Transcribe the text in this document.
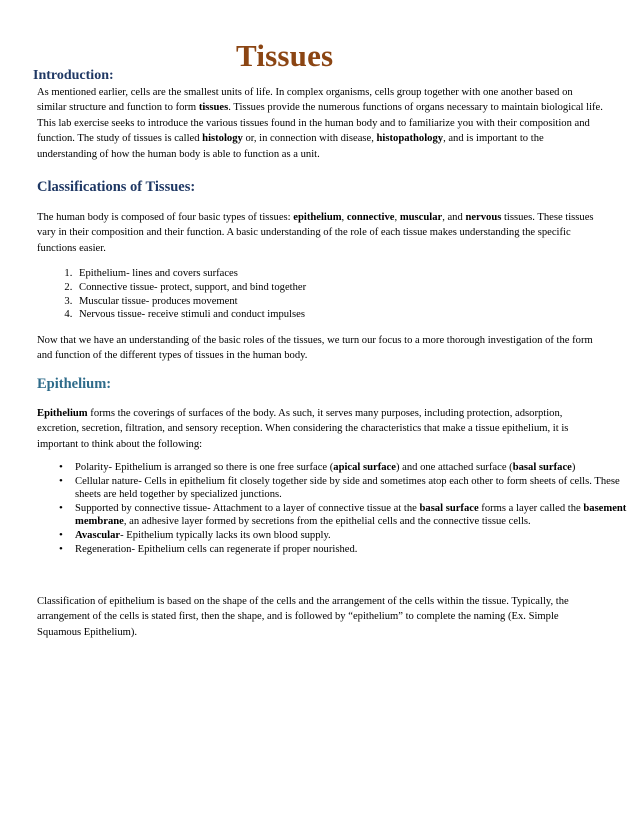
Introduction:
Tissues

As mentioned earlier, cells are the smallest units of life. In complex organisms, cells group together with one another based on similar structure and function to form tissues. Tissues provide the numerous functions of organs necessary to maintain biological life. This lab exercise seeks to introduce the various tissues found in the human body and to familiarize you with their composition and function. The study of tissues is called histology or, in connection with disease, histopathology, and is important to the understanding of how the human body is able to function as a unit.

Classifications of Tissues:

The human body is composed of four basic types of tissues: epithelium, connective, muscular, and nervous tissues. These tissues vary in their composition and their function. A basic understanding of the role of each tissue makes understanding the specific functions easier.

1. Epithelium- lines and covers surfaces
2. Connective tissue- protect, support, and bind together
3. Muscular tissue- produces movement
4. Nervous tissue- receive stimuli and conduct impulses

Now that we have an understanding of the basic roles of the tissues, we turn our focus to a more thorough investigation of the form and function of the different types of tissues in the human body.

Epithelium:

Epithelium forms the coverings of surfaces of the body. As such, it serves many purposes, including protection, adsorption, excretion, secretion, filtration, and sensory reception. When considering the characteristics that make a tissue epithelium, it is important to think about the following:

• Polarity- Epithelium is arranged so there is one free surface (apical surface) and one attached surface (basal surface)
• Cellular nature- Cells in epithelium fit closely together side by side and sometimes atop each other to form sheets of cells. These sheets are held together by specialized junctions.
• Supported by connective tissue- Attachment to a layer of connective tissue at the basal surface forms a layer called the basement membrane, an adhesive layer formed by secretions from the epithelial cells and the connective tissue cells.
• Avascular- Epithelium typically lacks its own blood supply.
• Regeneration- Epithelium cells can regenerate if proper nourished.

Classification of epithelium is based on the shape of the cells and the arrangement of the cells within the tissue. Typically, the arrangement of the cells is stated first, then the shape, and is followed by “epithelium” to complete the naming (Ex. Simple Squamous Epithelium).
